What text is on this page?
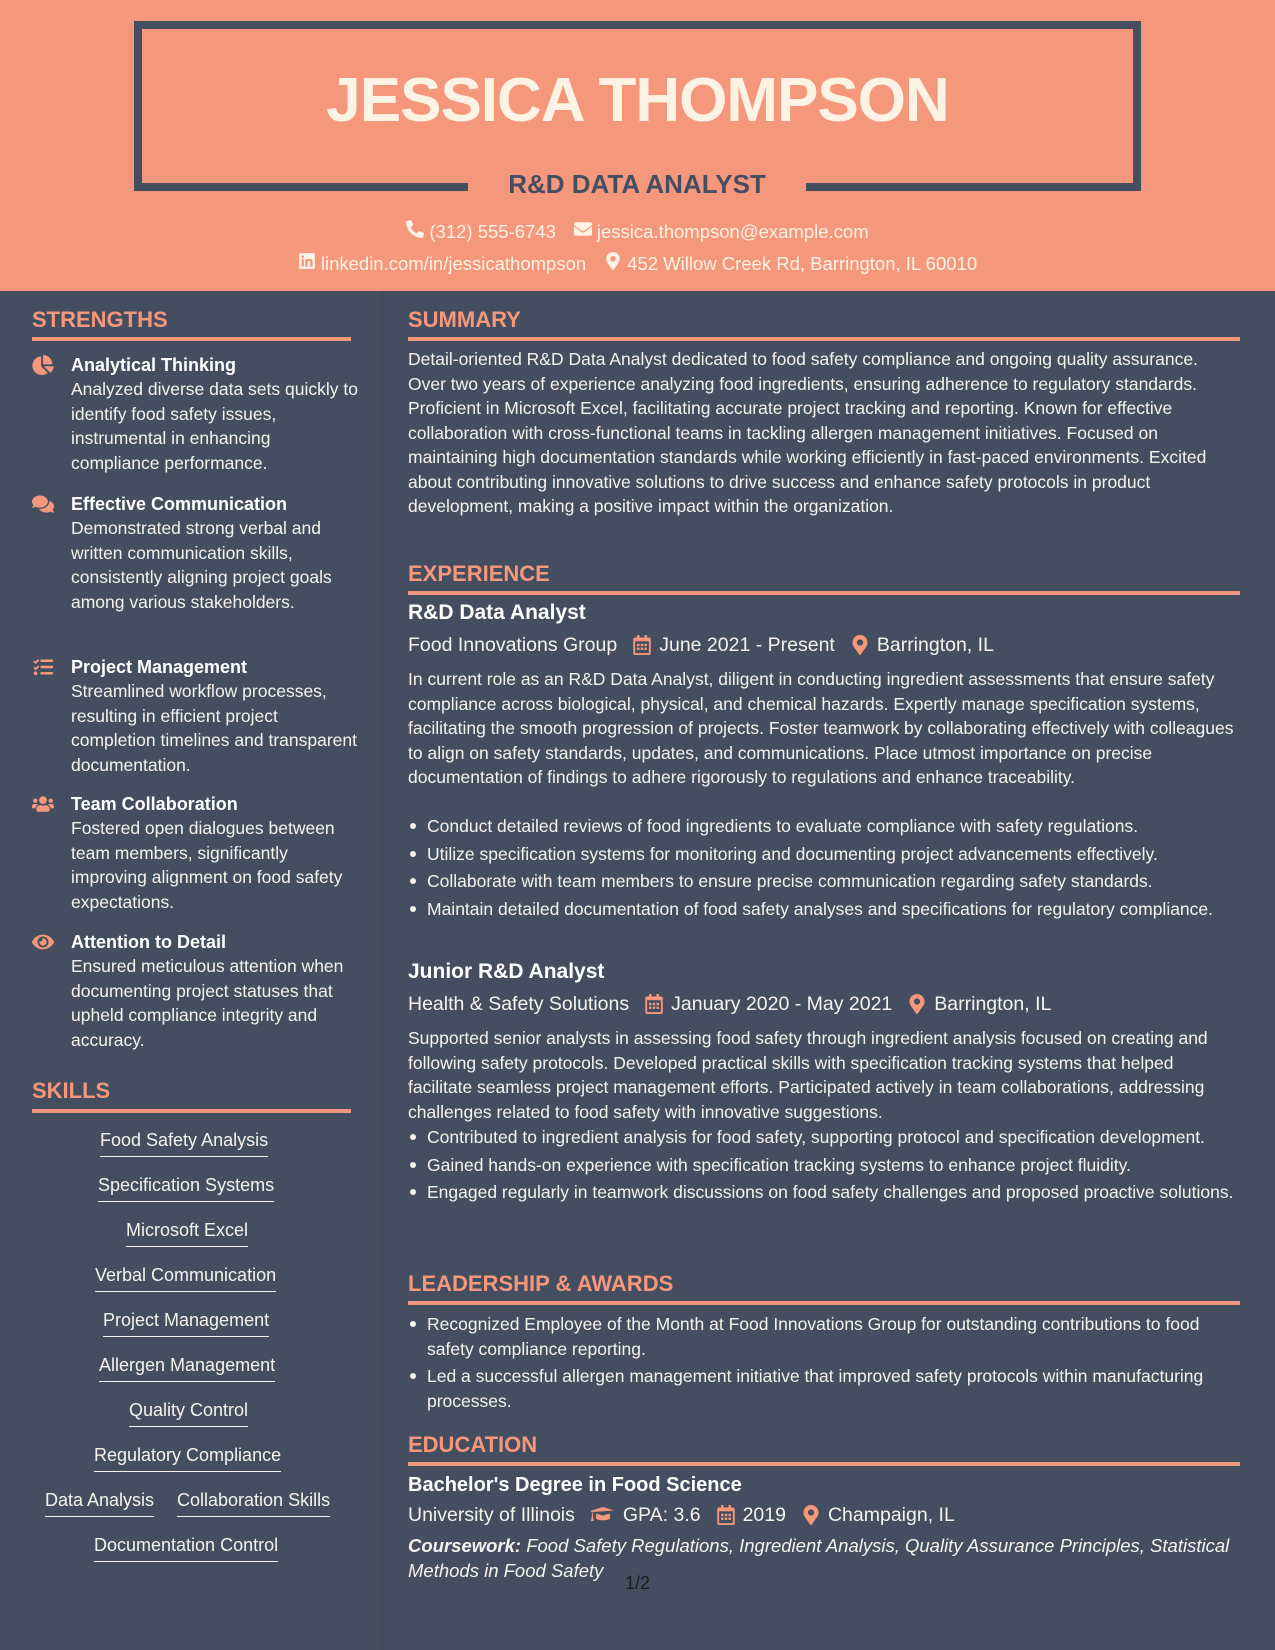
JESSICA THOMPSON
R&D DATA ANALYST
(312) 555-6743 jessica.thompson@example.com
linkedin.com/in/jessicathompson 452 Willow Creek Rd, Barrington, IL 60010
STRENGTHS
Analytical Thinking
Analyzed diverse data sets quickly to identify food safety issues, instrumental in enhancing compliance performance.
Effective Communication
Demonstrated strong verbal and written communication skills, consistently aligning project goals among various stakeholders.
Project Management
Streamlined workflow processes, resulting in efficient project completion timelines and transparent documentation.
Team Collaboration
Fostered open dialogues between team members, significantly improving alignment on food safety expectations.
Attention to Detail
Ensured meticulous attention when documenting project statuses that upheld compliance integrity and accuracy.
SKILLS
Food Safety Analysis
Specification Systems
Microsoft Excel
Verbal Communication
Project Management
Allergen Management
Quality Control
Regulatory Compliance
Data Analysis Collaboration Skills
Documentation Control
SUMMARY
Detail-oriented R&D Data Analyst dedicated to food safety compliance and ongoing quality assurance. Over two years of experience analyzing food ingredients, ensuring adherence to regulatory standards. Proficient in Microsoft Excel, facilitating accurate project tracking and reporting. Known for effective collaboration with cross-functional teams in tackling allergen management initiatives. Focused on maintaining high documentation standards while working efficiently in fast-paced environments. Excited about contributing innovative solutions to drive success and enhance safety protocols in product development, making a positive impact within the organization.
EXPERIENCE
R&D Data Analyst
Food Innovations Group June 2021 - Present Barrington, IL
In current role as an R&D Data Analyst, diligent in conducting ingredient assessments that ensure safety compliance across biological, physical, and chemical hazards. Expertly manage specification systems, facilitating the smooth progression of projects. Foster teamwork by collaborating effectively with colleagues to align on safety standards, updates, and communications. Place utmost importance on precise documentation of findings to adhere rigorously to regulations and enhance traceability.
Conduct detailed reviews of food ingredients to evaluate compliance with safety regulations.
Utilize specification systems for monitoring and documenting project advancements effectively.
Collaborate with team members to ensure precise communication regarding safety standards.
Maintain detailed documentation of food safety analyses and specifications for regulatory compliance.
Junior R&D Analyst
Health & Safety Solutions January 2020 - May 2021 Barrington, IL
Supported senior analysts in assessing food safety through ingredient analysis focused on creating and following safety protocols. Developed practical skills with specification tracking systems that helped facilitate seamless project management efforts. Participated actively in team collaborations, addressing challenges related to food safety with innovative suggestions.
Contributed to ingredient analysis for food safety, supporting protocol and specification development.
Gained hands-on experience with specification tracking systems to enhance project fluidity.
Engaged regularly in teamwork discussions on food safety challenges and proposed proactive solutions.
LEADERSHIP & AWARDS
Recognized Employee of the Month at Food Innovations Group for outstanding contributions to food safety compliance reporting.
Led a successful allergen management initiative that improved safety protocols within manufacturing processes.
EDUCATION
Bachelor's Degree in Food Science
University of Illinois GPA: 3.6 2019 Champaign, IL
Coursework: Food Safety Regulations, Ingredient Analysis, Quality Assurance Principles, Statistical Methods in Food Safety
1/2
